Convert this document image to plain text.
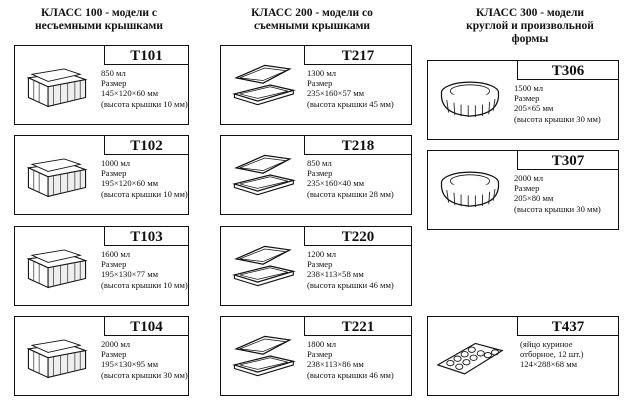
КЛАСС 100 - модели с
несъемными крышками
КЛАСС 200 - модели со
съемными крышками
КЛАСС 300 - модели
круглой и произвольной
формы
T101
850 мл
Размер
145×120×60 мм
(высота крышки 10 мм)
T102
1000 мл
Размер
195×120×60 мм
(высота крышки 10 мм)
T103
1600 мл
Размер
195×130×77 мм
(высота крышки 10 мм)
T104
2000 мл
Размер
195×130×95 мм
(высота крышки 30 мм)
T217
1300 мл
Размер
235×160×57 мм
(высота крышки 45 мм)
T218
850 мл
Размер
235×160×40 мм
(высота крышки 28 мм)
T220
1200 мл
Размер
238×113×58 мм
(высота крышки 46 мм)
T221
1800 мл
Размер
238×113×86 мм
(высота крышки 46 мм)
T306
1500 мл
Размер
205×65 мм
(высота крышки 30 мм)
T307
2000 мл
Размер
205×80 мм
(высота крышки 30 мм)
T437
(яйцо куриное
отборное, 12 шт.)
124×288×68 мм
